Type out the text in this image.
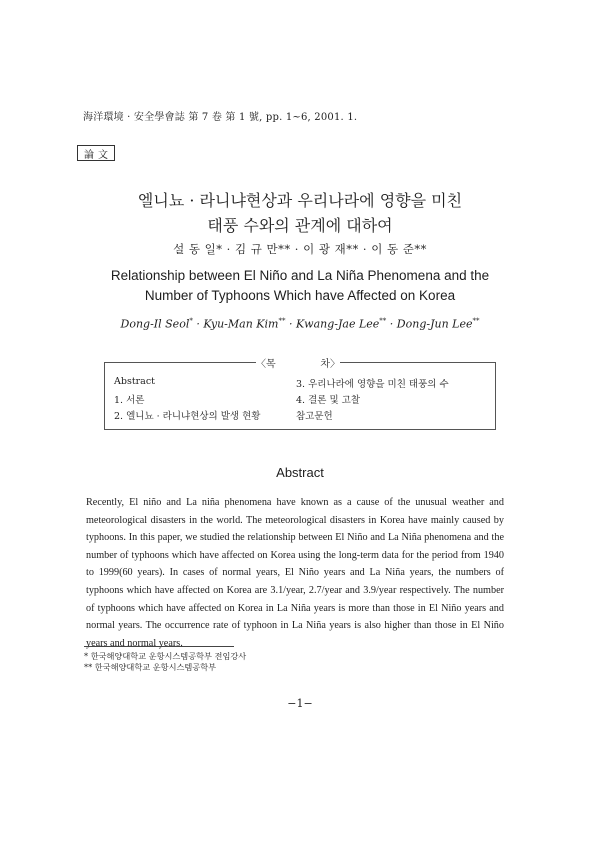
海洋環境 · 安全學會誌 第 7 卷 第 1 號, pp. 1~6, 2001. 1.
論 文
엘니뇨 · 라니냐현상과 우리나라에 영향을 미친
태풍 수와의 관계에 대하여
설 동 일* · 김 규 만** · 이 광 재** · 이 동 준**
Relationship between El Niño and La Niña Phenomena and the
Number of Typhoons Which have Affected on Korea
Dong-Il Seol* · Kyu-Man Kim** · Kwang-Jae Lee** · Dong-Jun Lee**
〈목	차〉
Abstract
1. 서론
2. 엘니뇨 · 라니냐현상의 발생 현황
3. 우리나라에 영향을 미친 태풍의 수
4. 결론 및 고찰
참고문헌
Abstract
Recently, El niño and La niña phenomena have known as a cause of the unusual weather and meteorological disasters in the world. The meteorological disasters in Korea have mainly caused by typhoons. In this paper, we studied the relationship between El Niño and La Niña phenomena and the number of typhoons which have affected on Korea using the long-term data for the period from 1940 to 1999(60 years). In cases of normal years, El Niño years and La Niña years, the numbers of typhoons which have affected on Korea are 3.1/year, 2.7/year and 3.9/year respectively. The number of typhoons which have affected on Korea in La Niña years is more than those in El Niño years and normal years. The occurrence rate of typhoon in La Niña years is also higher than those in El Niño years and normal years.
* 한국해양대학교 운항시스템공학부 전임강사
** 한국해양대학교 운항시스템공학부
−1−
